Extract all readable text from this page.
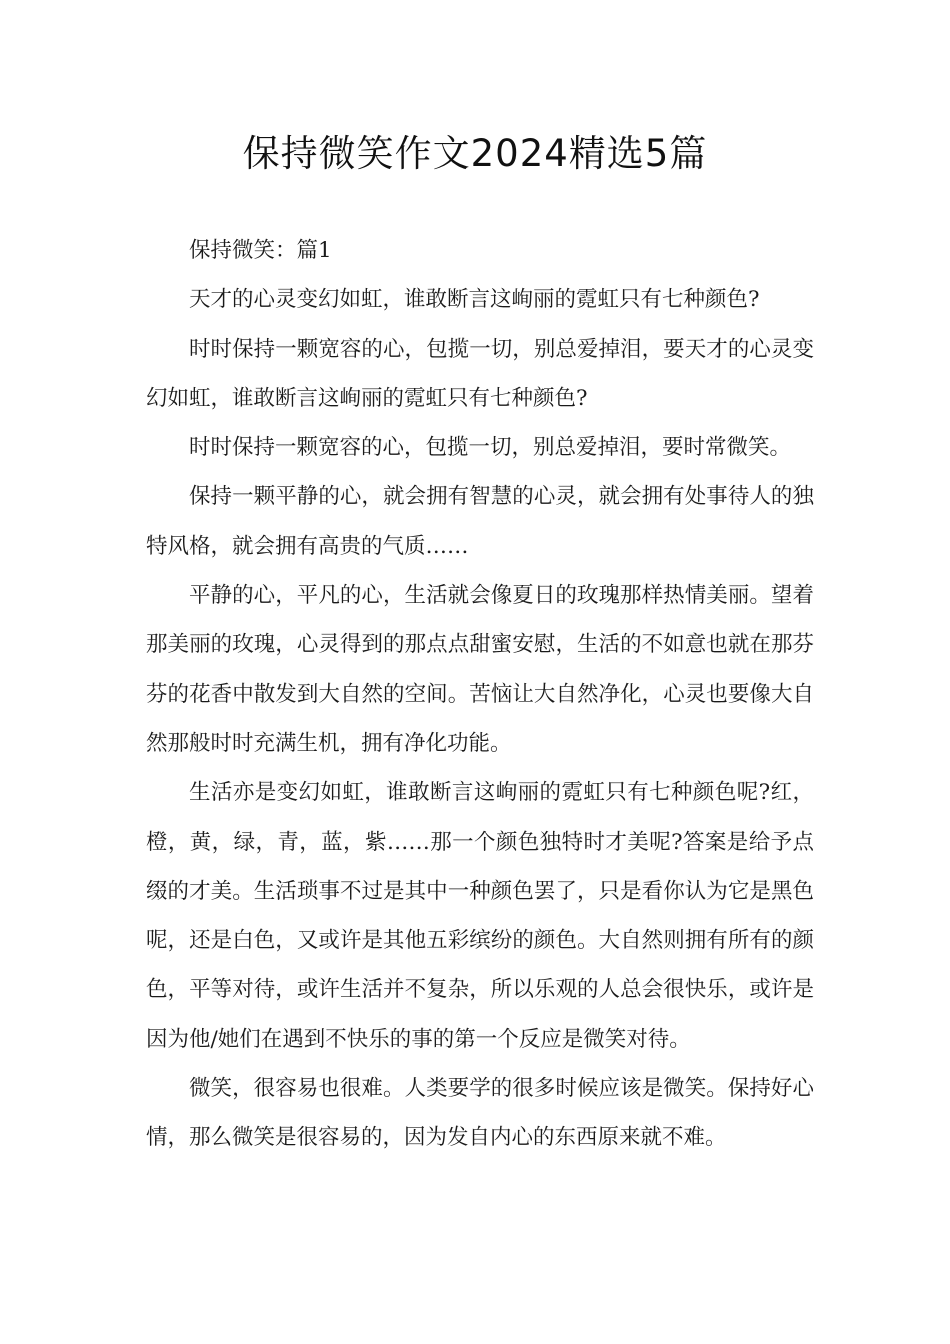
保持微笑作文2024精选5篇

保持微笑：篇1

天才的心灵变幻如虹，谁敢断言这峋丽的霓虹只有七种颜色?

时时保持一颗宽容的心，包揽一切，别总爱掉泪，要天才的心灵变幻如虹，谁敢断言这峋丽的霓虹只有七种颜色?

时时保持一颗宽容的心，包揽一切，别总爱掉泪，要时常微笑。

保持一颗平静的心，就会拥有智慧的心灵，就会拥有处事待人的独特风格，就会拥有高贵的气质……

平静的心，平凡的心，生活就会像夏日的玫瑰那样热情美丽。望着那美丽的玫瑰，心灵得到的那点点甜蜜安慰，生活的不如意也就在那芬芬的花香中散发到大自然的空间。苦恼让大自然净化，心灵也要像大自然那般时时充满生机，拥有净化功能。

生活亦是变幻如虹，谁敢断言这峋丽的霓虹只有七种颜色呢?红，橙，黄，绿，青，蓝，紫……那一个颜色独特时才美呢?答案是给予点缀的才美。生活琐事不过是其中一种颜色罢了，只是看你认为它是黑色呢，还是白色，又或许是其他五彩缤纷的颜色。大自然则拥有所有的颜色，平等对待，或许生活并不复杂，所以乐观的人总会很快乐，或许是因为他/她们在遇到不快乐的事的第一个反应是微笑对待。

微笑，很容易也很难。人类要学的很多时候应该是微笑。保持好心情，那么微笑是很容易的，因为发自内心的东西原来就不难。
